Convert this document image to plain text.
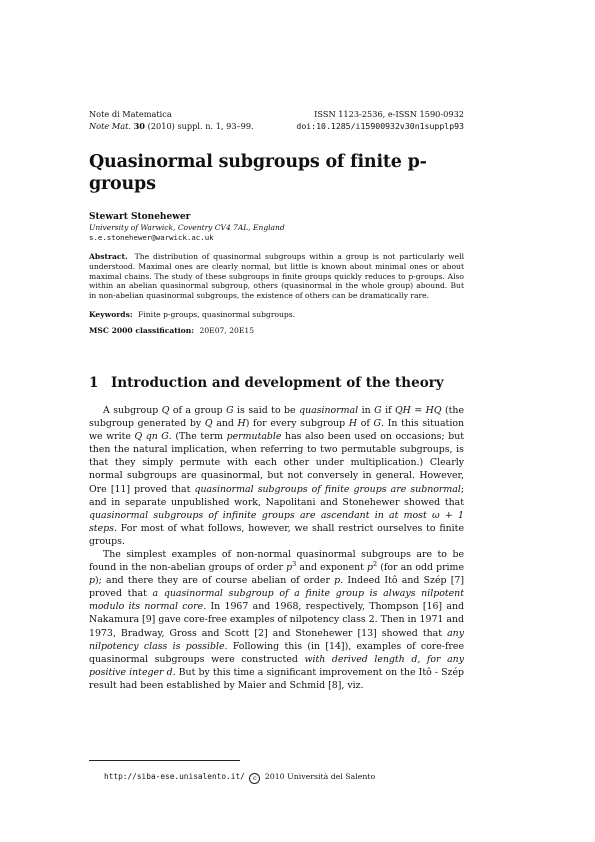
Note di Matematica	ISSN 1123-2536, e-ISSN 1590-0932
Note Mat. 30 (2010) suppl. n. 1, 93–99.	doi:10.1285/i15900932v30n1supplp93
Quasinormal subgroups of finite p-groups
Stewart Stonehewer
University of Warwick, Coventry CV4 7AL, England
s.e.stonehewer@warwick.ac.uk
Abstract. The distribution of quasinormal subgroups within a group is not particularly well understood. Maximal ones are clearly normal, but little is known about minimal ones or about maximal chains. The study of these subgroups in finite groups quickly reduces to p-groups. Also within an abelian quasinormal subgroup, others (quasinormal in the whole group) abound. But in non-abelian quasinormal subgroups, the existence of others can be dramatically rare.
Keywords: Finite p-groups, quasinormal subgroups.
MSC 2000 classification: 20E07, 20E15
1 Introduction and development of the theory

A subgroup Q of a group G is said to be quasinormal in G if QH = HQ (the subgroup generated by Q and H) for every subgroup H of G. In this situation we write Q qn G. (The term permutable has also been used on occasions; but then the natural implication, when referring to two permutable subgroups, is that they simply permute with each other under multiplication.) Clearly normal subgroups are quasinormal, but not conversely in general. However, Ore [11] proved that quasinormal subgroups of finite groups are subnormal; and in separate unpublished work, Napolitani and Stonehewer showed that quasinormal subgroups of infinite groups are ascendant in at most ω + 1 steps. For most of what follows, however, we shall restrict ourselves to finite groups.

The simplest examples of non-normal quasinormal subgroups are to be found in the non-abelian groups of order $p^3$ and exponent $p^2$ (for an odd prime p); and there they are of course abelian of order p. Indeed Itô and Szép [7] proved that a quasinormal subgroup of a finite group is always nilpotent modulo its normal core. In 1967 and 1968, respectively, Thompson [16] and Nakamura [9] gave core-free examples of nilpotency class 2. Then in 1971 and 1973, Bradway, Gross and Scott [2] and Stonehewer [13] showed that any nilpotency class is possible. Following this (in [14]), examples of core-free quasinormal subgroups were constructed with derived length d, for any positive integer d. But by this time a significant improvement on the Itô - Szép result had been established by Maier and Schmid [8], viz.

http://siba-ese.unisalento.it/ c 2010 Università del Salento
